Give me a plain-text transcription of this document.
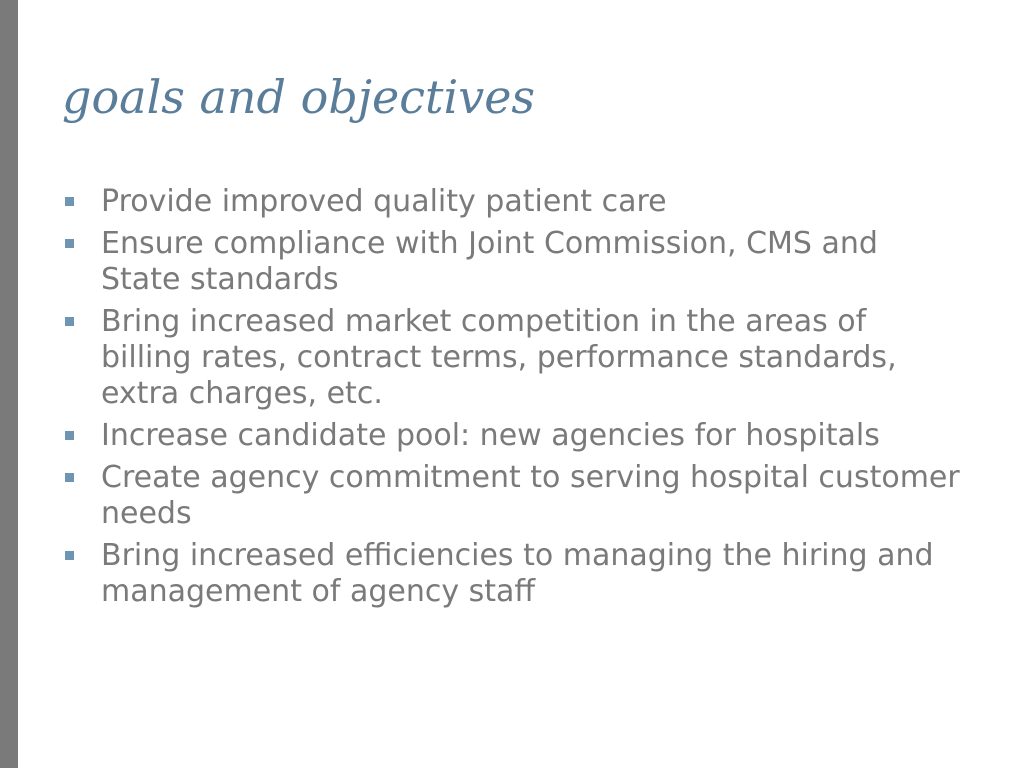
goals and objectives
Provide improved quality patient care
Ensure compliance with Joint Commission, CMS and State standards
Bring increased market competition in the areas of billing rates, contract terms, performance standards, extra charges, etc.
Increase candidate pool: new agencies for hospitals
Create agency commitment to serving hospital customer needs
Bring increased efficiencies to managing the hiring and management of agency staff
